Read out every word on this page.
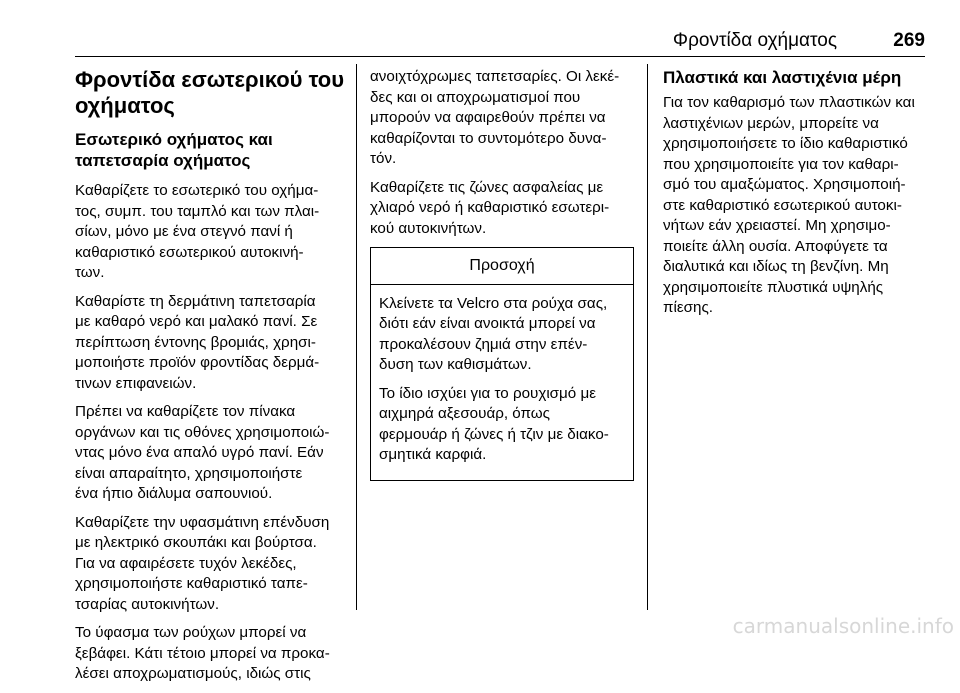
Φροντίδα οχήματος	269
Φροντίδα εσωτερικού του
οχήματος
Εσωτερικό οχήματος και
ταπετσαρία οχήματος

Καθαρίζετε το εσωτερικό του οχήμα-
τος, συμπ. του ταμπλό και των πλαι-
σίων, μόνο με ένα στεγνό πανί ή
καθαριστικό εσωτερικού αυτοκινή-
των.

Καθαρίστε τη δερμάτινη ταπετσαρία
με καθαρό νερό και μαλακό πανί. Σε
περίπτωση έντονης βρομιάς, χρησι-
μοποιήστε προϊόν φροντίδας δερμά-
τινων επιφανειών.

Πρέπει να καθαρίζετε τον πίνακα
οργάνων και τις οθόνες χρησιμοποιώ-
ντας μόνο ένα απαλό υγρό πανί. Εάν
είναι απαραίτητο, χρησιμοποιήστε
ένα ήπιο διάλυμα σαπουνιού.

Καθαρίζετε την υφασμάτινη επένδυση
με ηλεκτρικό σκουπάκι και βούρτσα.
Για να αφαιρέσετε τυχόν λεκέδες,
χρησιμοποιήστε καθαριστικό ταπε-
τσαρίας αυτοκινήτων.

Το ύφασμα των ρούχων μπορεί να
ξεβάφει. Κάτι τέτοιο μπορεί να προκα-
λέσει αποχρωματισμούς, ιδιώς στις

ανοιχτόχρωμες ταπετσαρίες. Οι λεκέ-
δες και οι αποχρωματισμοί που
μπορούν να αφαιρεθούν πρέπει να
καθαρίζονται το συντομότερο δυνα-
τόν.

Καθαρίζετε τις ζώνες ασφαλείας με
χλιαρό νερό ή καθαριστικό εσωτερι-
κού αυτοκινήτων.

Προσοχή

Κλείνετε τα Velcro στα ρούχα σας,
διότι εάν είναι ανοικτά μπορεί να
προκαλέσουν ζημιά στην επέν-
δυση των καθισμάτων.

Το ίδιο ισχύει για το ρουχισμό με
αιχμηρά αξεσουάρ, όπως
φερμουάρ ή ζώνες ή τζιν με διακο-
σμητικά καρφιά.

Πλαστικά και λαστιχένια μέρη

Για τον καθαρισμό των πλαστικών και
λαστιχένιων μερών, μπορείτε να
χρησιμοποιήσετε το ίδιο καθαριστικό
που χρησιμοποιείτε για τον καθαρι-
σμό του αμαξώματος. Χρησιμοποιή-
στε καθαριστικό εσωτερικού αυτοκι-
νήτων εάν χρειαστεί. Μη χρησιμο-
ποιείτε άλλη ουσία. Αποφύγετε τα
διαλυτικά και ιδίως τη βενζίνη. Μη
χρησιμοποιείτε πλυστικά υψηλής
πίεσης.

carmanualsonline.info
